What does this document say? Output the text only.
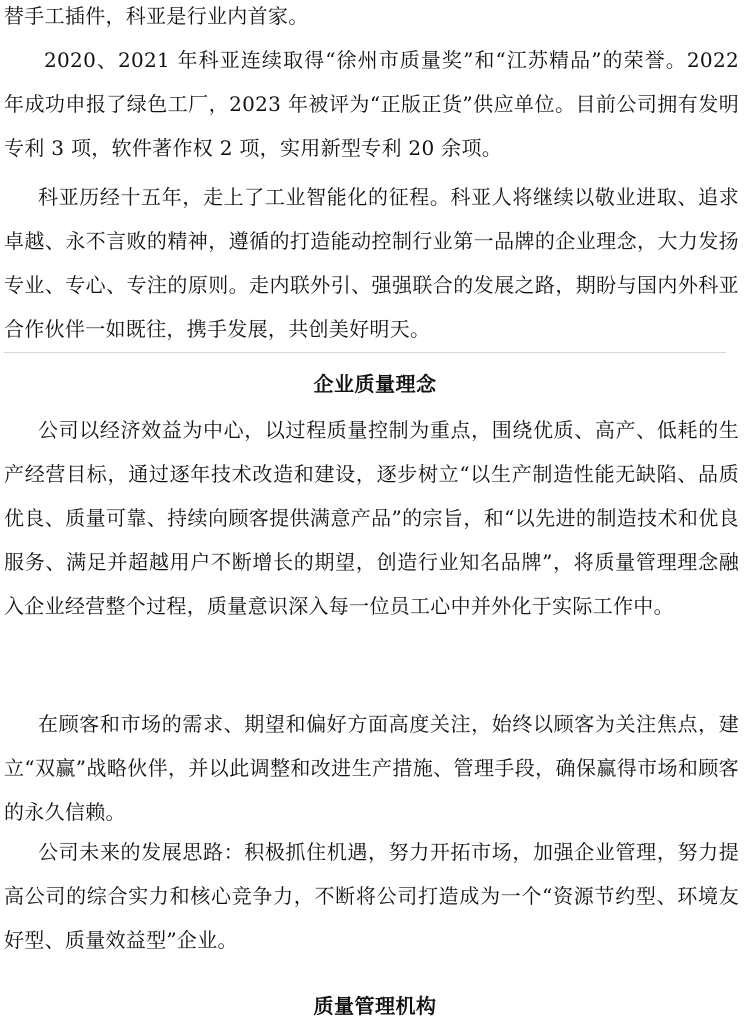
替手工插件，科亚是行业内首家。

2020、2021 年科亚连续取得“徐州市质量奖”和“江苏精品”的荣誉。2022 年成功申报了绿色工厂，2023 年被评为“正版正货”供应单位。目前公司拥有发明专利 3 项，软件著作权 2 项，实用新型专利 20 余项。

科亚历经十五年，走上了工业智能化的征程。科亚人将继续以敬业进取、追求卓越、永不言败的精神，遵循的打造能动控制行业第一品牌的企业理念，大力发扬专业、专心、专注的原则。走内联外引、强强联合的发展之路，期盼与国内外科亚合作伙伴一如既往，携手发展，共创美好明天。

企业质量理念

公司以经济效益为中心，以过程质量控制为重点，围绕优质、高产、低耗的生产经营目标，通过逐年技术改造和建设，逐步树立“以生产制造性能无缺陷、品质优良、质量可靠、持续向顾客提供满意产品”的宗旨，和“以先进的制造技术和优良服务、满足并超越用户不断增长的期望，创造行业知名品牌”，将质量管理理念融入企业经营整个过程，质量意识深入每一位员工心中并外化于实际工作中。

在顾客和市场的需求、期望和偏好方面高度关注，始终以顾客为关注焦点，建立“双赢”战略伙伴，并以此调整和改进生产措施、管理手段，确保赢得市场和顾客的永久信赖。

公司未来的发展思路：积极抓住机遇，努力开拓市场，加强企业管理，努力提高公司的综合实力和核心竞争力，不断将公司打造成为一个“资源节约型、环境友好型、质量效益型”企业。

质量管理机构
